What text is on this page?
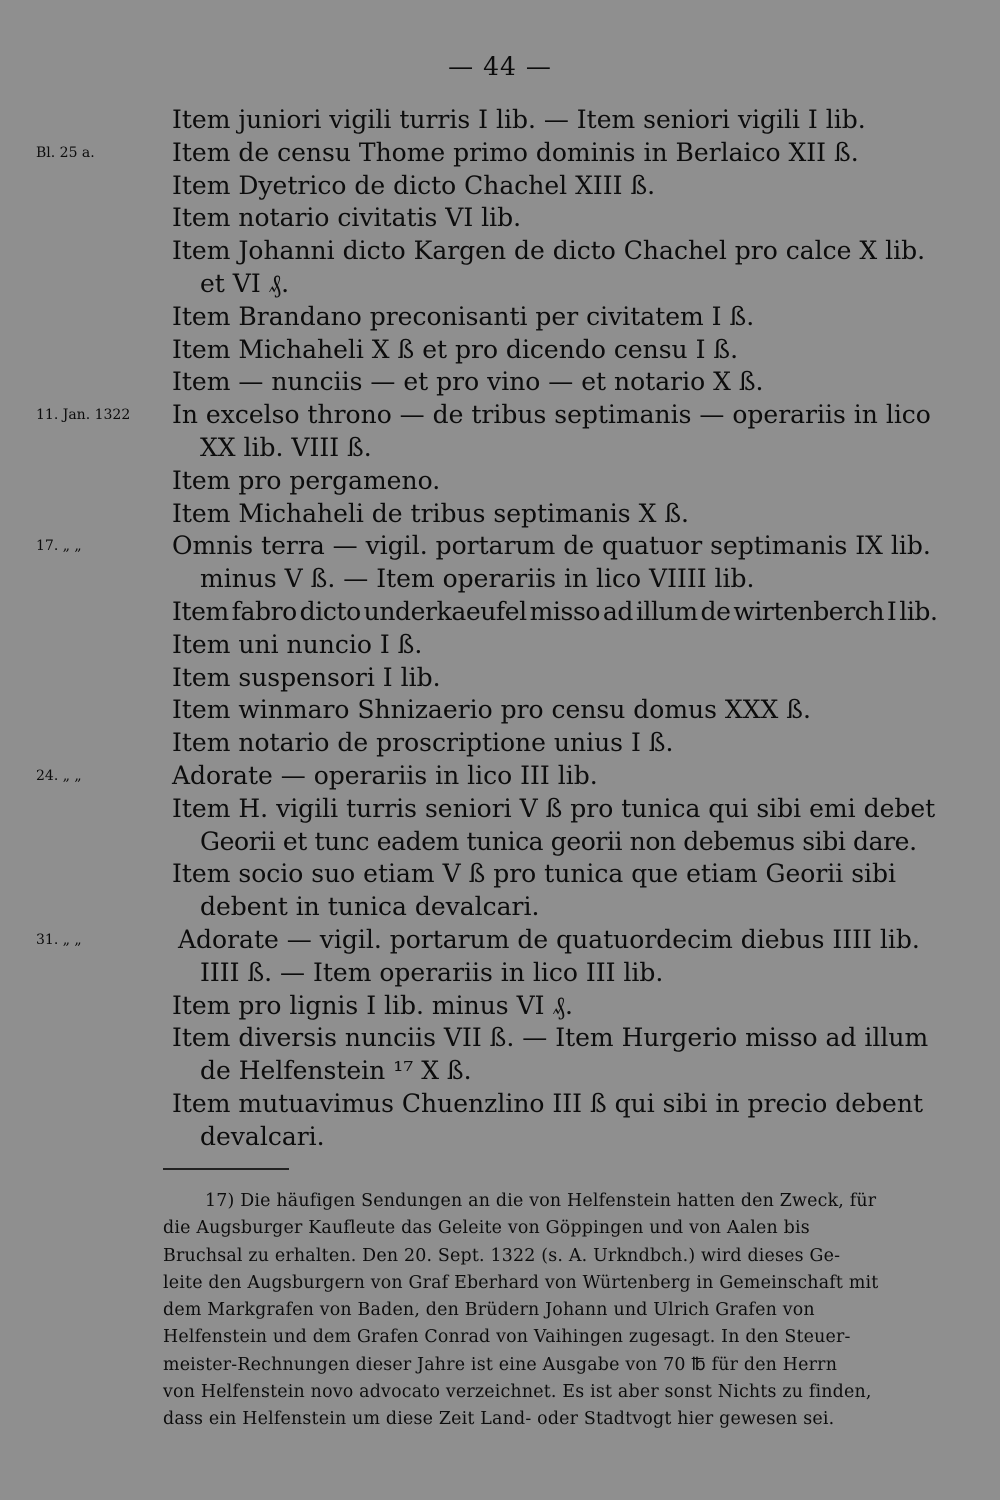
— 44 —
Item juniori vigili turris I lib. — Item seniori vigili I lib.
Bl. 25 a.	Item de censu Thome primo dominis in Berlaico XII ß.
Item Dyetrico de dicto Chachel XIII ß.
Item notario civitatis VI lib.
Item Johanni dicto Kargen de dicto Chachel pro calce X lib.
et VI ₰.
Item Brandano preconisanti per civitatem I ß.
Item Michaheli X ß et pro dicendo censu I ß.
Item — nunciis — et pro vino — et notario X ß.
11. Jan. 1322	In excelso throno — de tribus septimanis — operariis in lico
XX lib. VIII ß.
Item pro pergameno.
Item Michaheli de tribus septimanis X ß.
17. „ „	Omnis terra — vigil. portarum de quatuor septimanis IX lib.
minus V ß. — Item operariis in lico VIIII lib.
Item fabro dicto underkaeufel misso ad illum de wirtenberch I lib.
Item uni nuncio I ß.
Item suspensori I lib.
Item winmaro Shnizaerio pro censu domus XXX ß.
Item notario de proscriptione unius I ß.
24. „ „	Adorate — operariis in lico III lib.
Item H. vigili turris seniori V ß pro tunica qui sibi emi debet
Georii et tunc eadem tunica georii non debemus sibi dare.
Item socio suo etiam V ß pro tunica que etiam Georii sibi
debent in tunica devalcari.
31. „ „	Adorate — vigil. portarum de quatuordecim diebus IIII lib.
IIII ß. — Item operariis in lico III lib.
Item pro lignis I lib. minus VI ₰.
Item diversis nunciis VII ß. — Item Hurgerio misso ad illum
de Helfenstein ¹⁷ X ß.
Item mutuavimus Chuenzlino III ß qui sibi in precio debent
devalcari.
17) Die häufigen Sendungen an die von Helfenstein hatten den Zweck, für
die Augsburger Kaufleute das Geleite von Göppingen und von Aalen bis
Bruchsal zu erhalten. Den 20. Sept. 1322 (s. A. Urkndbch.) wird dieses Ge-
leite den Augsburgern von Graf Eberhard von Würtenberg in Gemeinschaft mit
dem Markgrafen von Baden, den Brüdern Johann und Ulrich Grafen von
Helfenstein und dem Grafen Conrad von Vaihingen zugesagt. In den Steuer-
meister-Rechnungen dieser Jahre ist eine Ausgabe von 70 ℔ für den Herrn
von Helfenstein novo advocato verzeichnet. Es ist aber sonst Nichts zu finden,
dass ein Helfenstein um diese Zeit Land- oder Stadtvogt hier gewesen sei.
